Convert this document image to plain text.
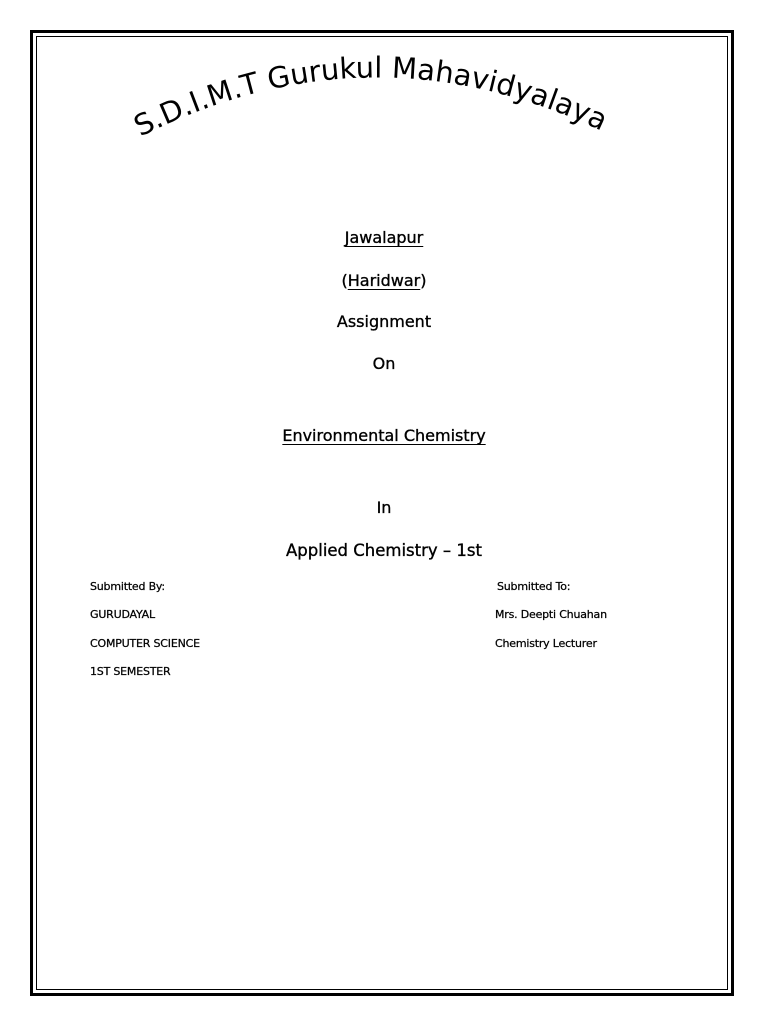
S.D.I.M.T Gurukul Mahavidyalaya
Jawalapur
(Haridwar)
Assignment
On
Environmental Chemistry
In
Applied Chemistry – 1st
Submitted By:
GURUDAYAL
COMPUTER SCIENCE
1ST SEMESTER
Submitted To:
Mrs. Deepti Chuahan
Chemistry Lecturer
